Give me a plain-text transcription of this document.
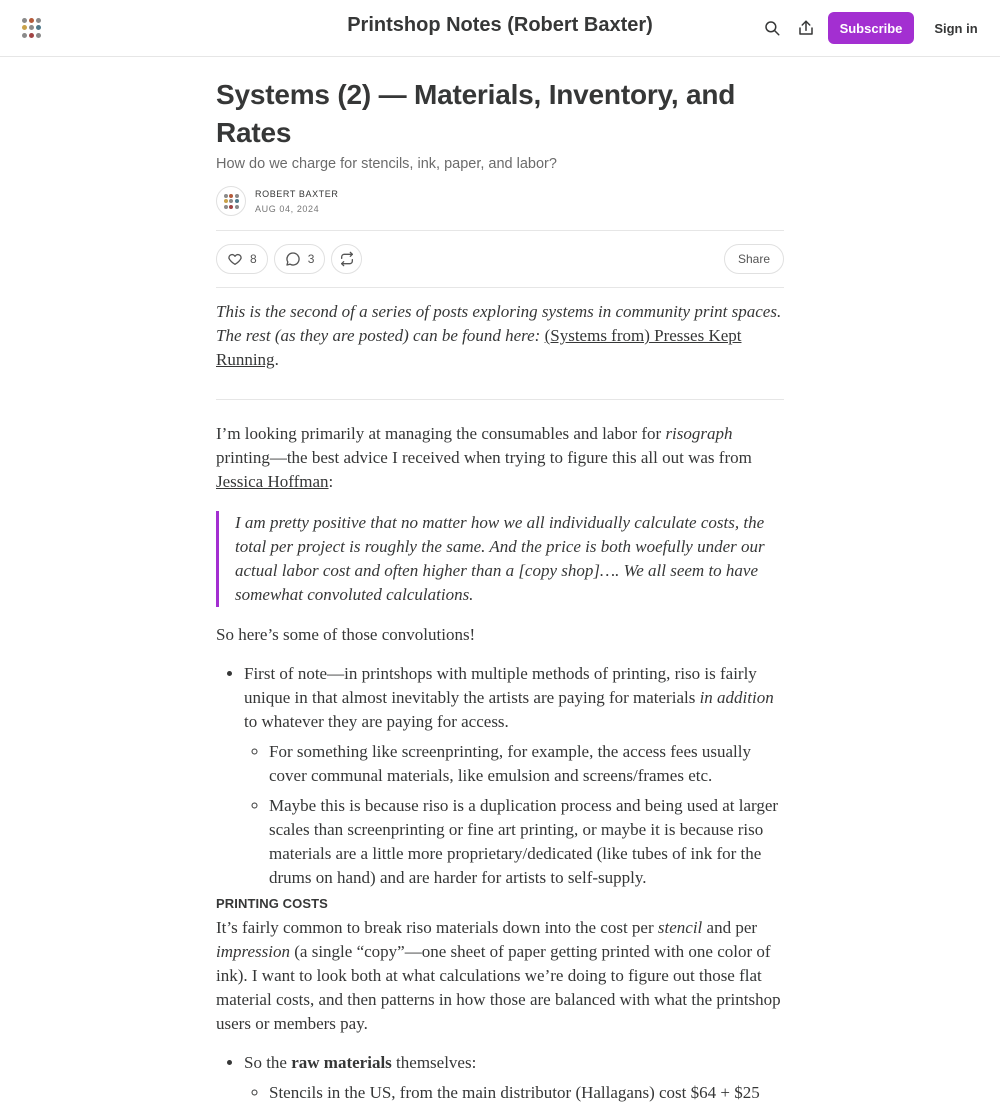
Printshop Notes (Robert Baxter)	Subscribe	Sign in
Systems (2) — Materials, Inventory, and Rates
How do we charge for stencils, ink, paper, and labor?
ROBERT BAXTER
AUG 04, 2024
8	3	Share

This is the second of a series of posts exploring systems in community print spaces. The rest (as they are posted) can be found here: (Systems from) Presses Kept Running.

I’m looking primarily at managing the consumables and labor for risograph printing—the best advice I received when trying to figure this all out was from Jessica Hoffman:

I am pretty positive that no matter how we all individually calculate costs, the total per project is roughly the same. And the price is both woefully under our actual labor cost and often higher than a [copy shop]…. We all seem to have somewhat convoluted calculations.

So here’s some of those convolutions!

• First of note—in printshops with multiple methods of printing, riso is fairly unique in that almost inevitably the artists are paying for materials in addition to whatever they are paying for access.
◦ For something like screenprinting, for example, the access fees usually cover communal materials, like emulsion and screens/frames etc.
◦ Maybe this is because riso is a duplication process and being used at larger scales than screenprinting or fine art printing, or maybe it is because riso materials are a little more proprietary/dedicated (like tubes of ink for the drums on hand) and are harder for artists to self-supply.
PRINTING COSTS

It’s fairly common to break riso materials down into the cost per stencil and per impression (a single “copy”—one sheet of paper getting printed with one color of ink). I want to look both at what calculations we’re doing to figure out those flat material costs, and then patterns in how those are balanced with what the printshop users or members pay.

• So the raw materials themselves:
◦ Stencils in the US, from the main distributor (Hallagans) cost $64 + $25
